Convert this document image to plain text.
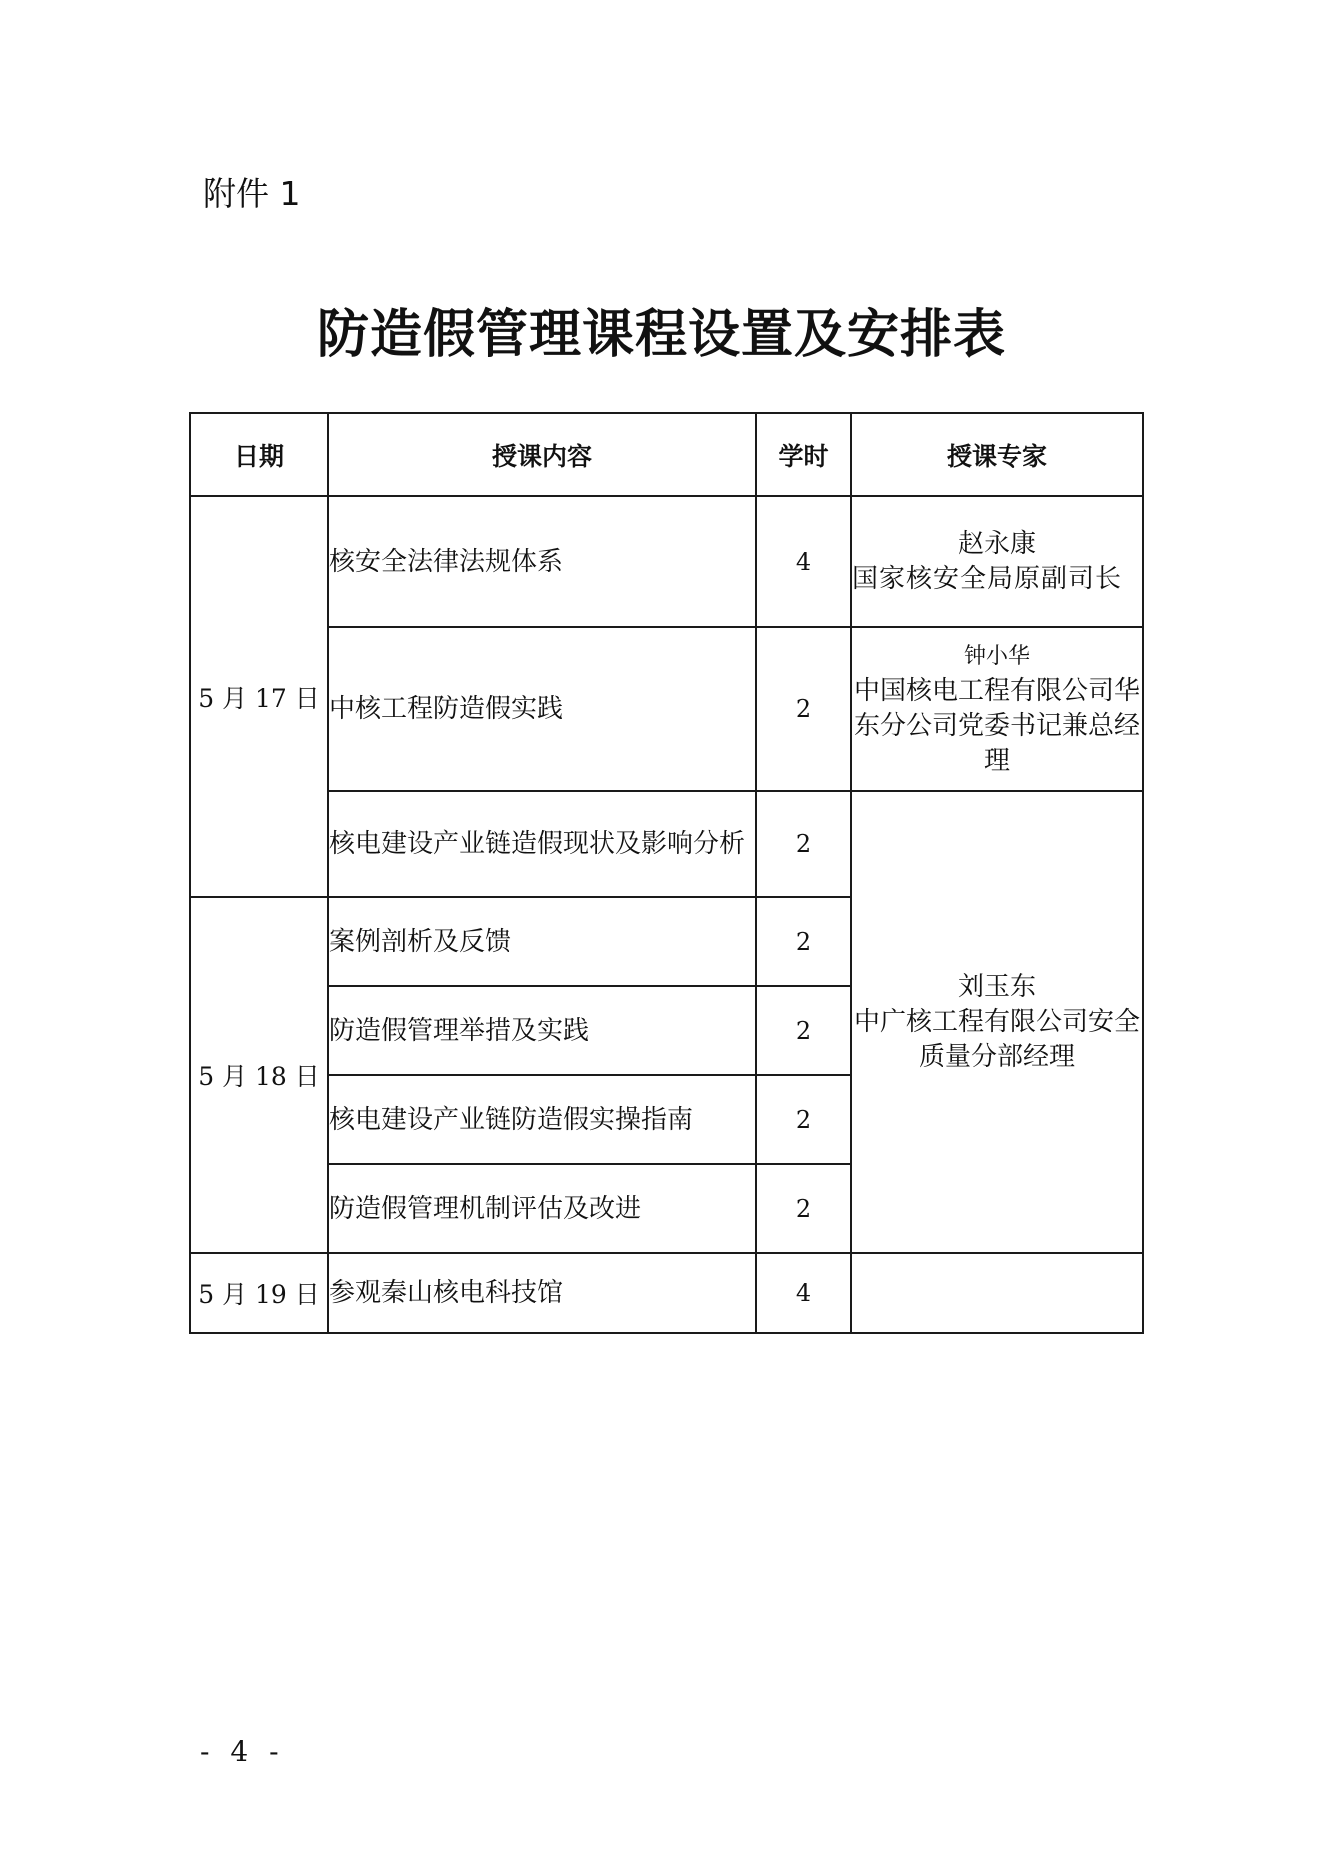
附件 1
防造假管理课程设置及安排表
日期	授课内容	学时	授课专家
5 月 17 日	核安全法律法规体系	4	赵永康
国家核安全局原副司长

	中核工程防造假实践	2	钟小华
中国核电工程有限公司华东分公司党委书记兼总经理

	核电建设产业链造假现状及影响分析	2	刘玉东
中广核工程有限公司安全质量分部经理

5 月 18 日	案例剖析及反馈	2	
	防造假管理举措及实践	2	
	核电建设产业链防造假实操指南	2	
	防造假管理机制评估及改进	2	
5 月 19 日	参观秦山核电科技馆	4	
- 4 -
